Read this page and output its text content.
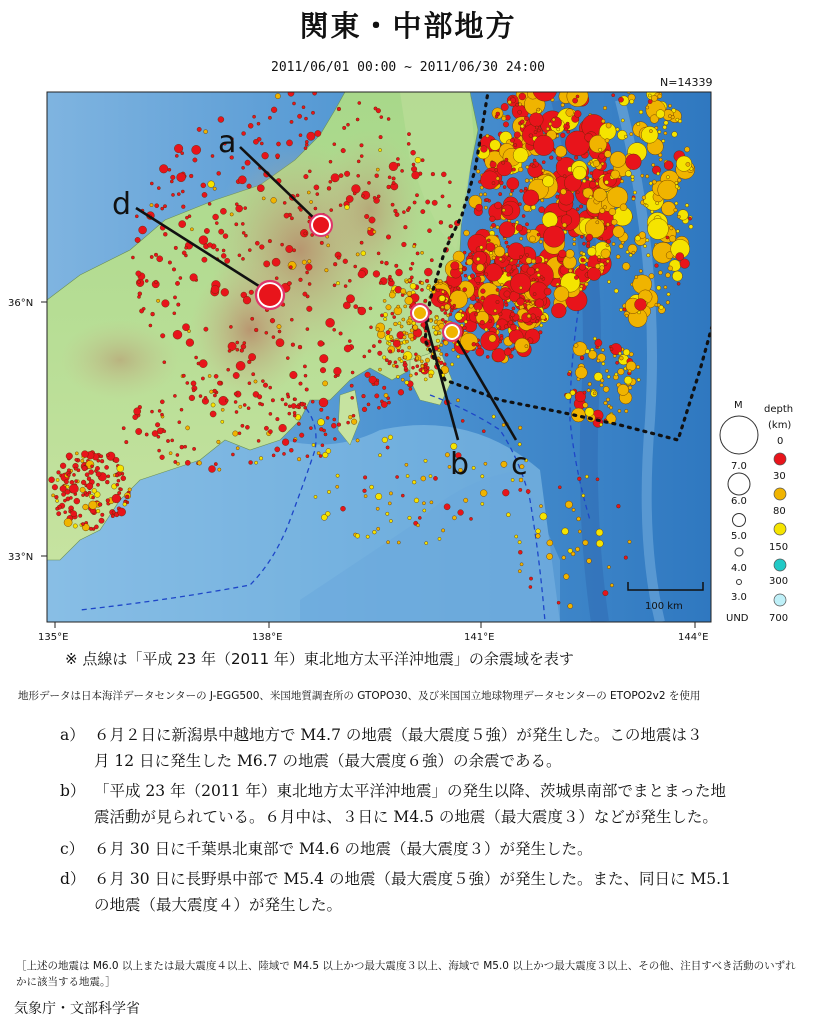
関東・中部地方
2011/06/01 00:00 ~ 2011/06/30 24:00
N=14339
100 km
135°E	138°E	141°E	144°E
36°N
33°N
a
d
b c
M depth
(km)
7.0
6.0
5.0
4.0
3.0
UND
0
30
80
150
300
700
※ 点線は「平成 23 年（2011 年）東北地方太平洋沖地震」の余震域を表す
地形データは日本海洋データセンターの J-EGG500、米国地質調査所の GTOPO30、及び米国国立地球物理データセンターの ETOPO2v2 を使用
a） ６月２日に新潟県中越地方で M4.7 の地震（最大震度５強）が発生した。この地震は３
月 12 日に発生した M6.7 の地震（最大震度６強）の余震である。
b） 「平成 23 年（2011 年）東北地方太平洋沖地震」の発生以降、茨城県南部でまとまった地
震活動が見られている。６月中は、３日に M4.5 の地震（最大震度３）などが発生した。
c） ６月 30 日に千葉県北東部で M4.6 の地震（最大震度３）が発生した。
d） ６月 30 日に長野県中部で M5.4 の地震（最大震度５強）が発生した。また、同日に M5.1
の地震（最大震度４）が発生した。
［上述の地震は M6.0 以上または最大震度４以上、陸域で M4.5 以上かつ最大震度３以上、海域で M5.0 以上かつ最大震度３以上、その他、注目すべき活動のいずれかに該当する地震。］
気象庁・文部科学省
